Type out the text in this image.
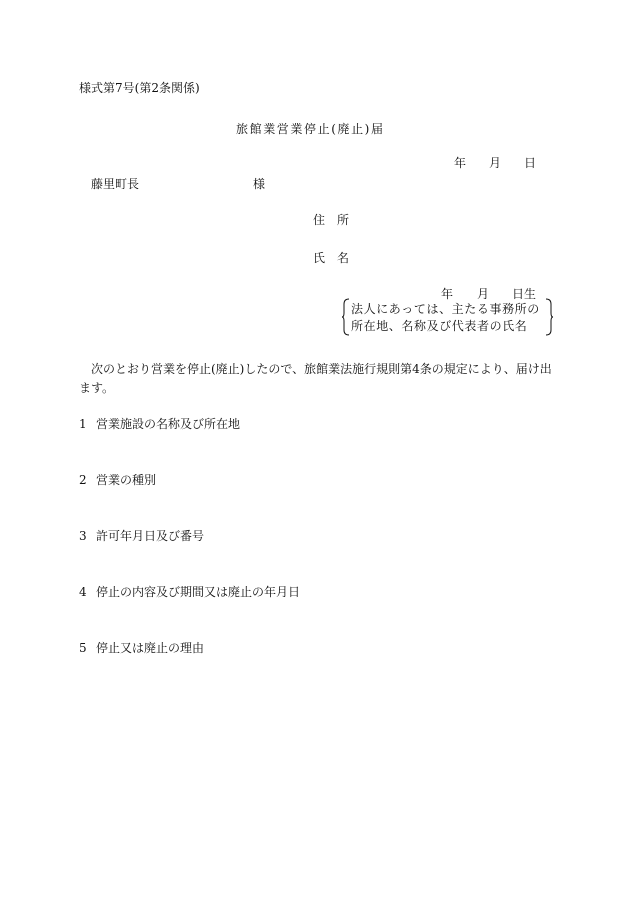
様式第7号(第2条関係)

旅館業営業停止(廃止)届

年 月 日
藤里町長	様
住　所
氏　名
年 月 日生

法人にあっては、主たる事務所の

所在地、名称及び代表者の氏名

次のとおり営業を停止(廃止)したので、旅館業法施行規則第4条の規定により、届け出ます。

1 営業施設の名称及び所在地
2 営業の種別
3 許可年月日及び番号
4 停止の内容及び期間又は廃止の年月日
5 停止又は廃止の理由
